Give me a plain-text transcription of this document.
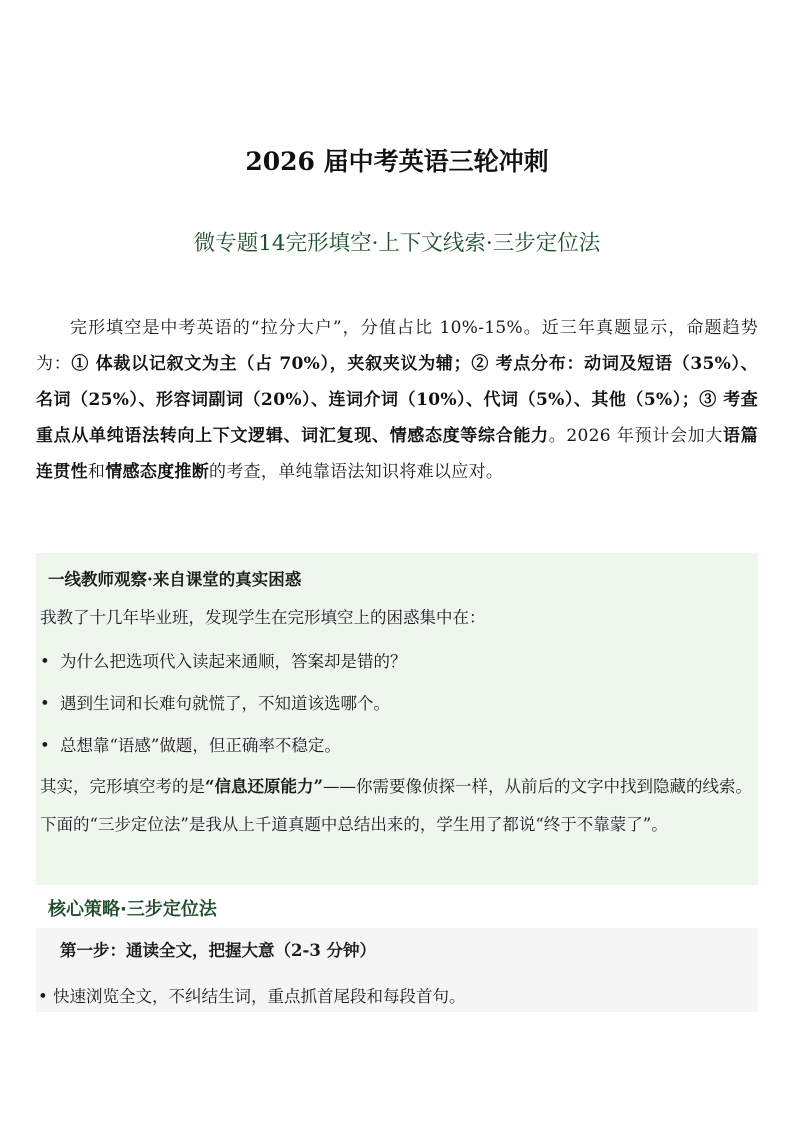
2026 届中考英语三轮冲刺
微专题14完形填空·上下文线索·三步定位法

完形填空是中考英语的“拉分大户”，分值占比 10%-15%。近三年真题显示，命题趋势为：① 体裁以记叙文为主（占 70%），夹叙夹议为辅；② 考点分布：动词及短语（35%）、名词（25%）、形容词副词（20%）、连词介词（10%）、代词（5%）、其他（5%）；③ 考查重点从单纯语法转向上下文逻辑、词汇复现、情感态度等综合能力。2026 年预计会加大语篇连贯性和情感态度推断的考查，单纯靠语法知识将难以应对。

一线教师观察·来自课堂的真实困惑
我教了十几年毕业班，发现学生在完形填空上的困惑集中在：
• 为什么把选项代入读起来通顺，答案却是错的？
• 遇到生词和长难句就慌了，不知道该选哪个。
• 总想靠“语感”做题，但正确率不稳定。

其实，完形填空考的是“信息还原能力”——你需要像侦探一样，从前后的文字中找到隐藏的线索。下面的“三步定位法”是我从上千道真题中总结出来的，学生用了都说“终于不靠蒙了”。

核心策略·三步定位法
第一步：通读全文，把握大意（2-3 分钟）
• 快速浏览全文，不纠结生词，重点抓首尾段和每段首句。
